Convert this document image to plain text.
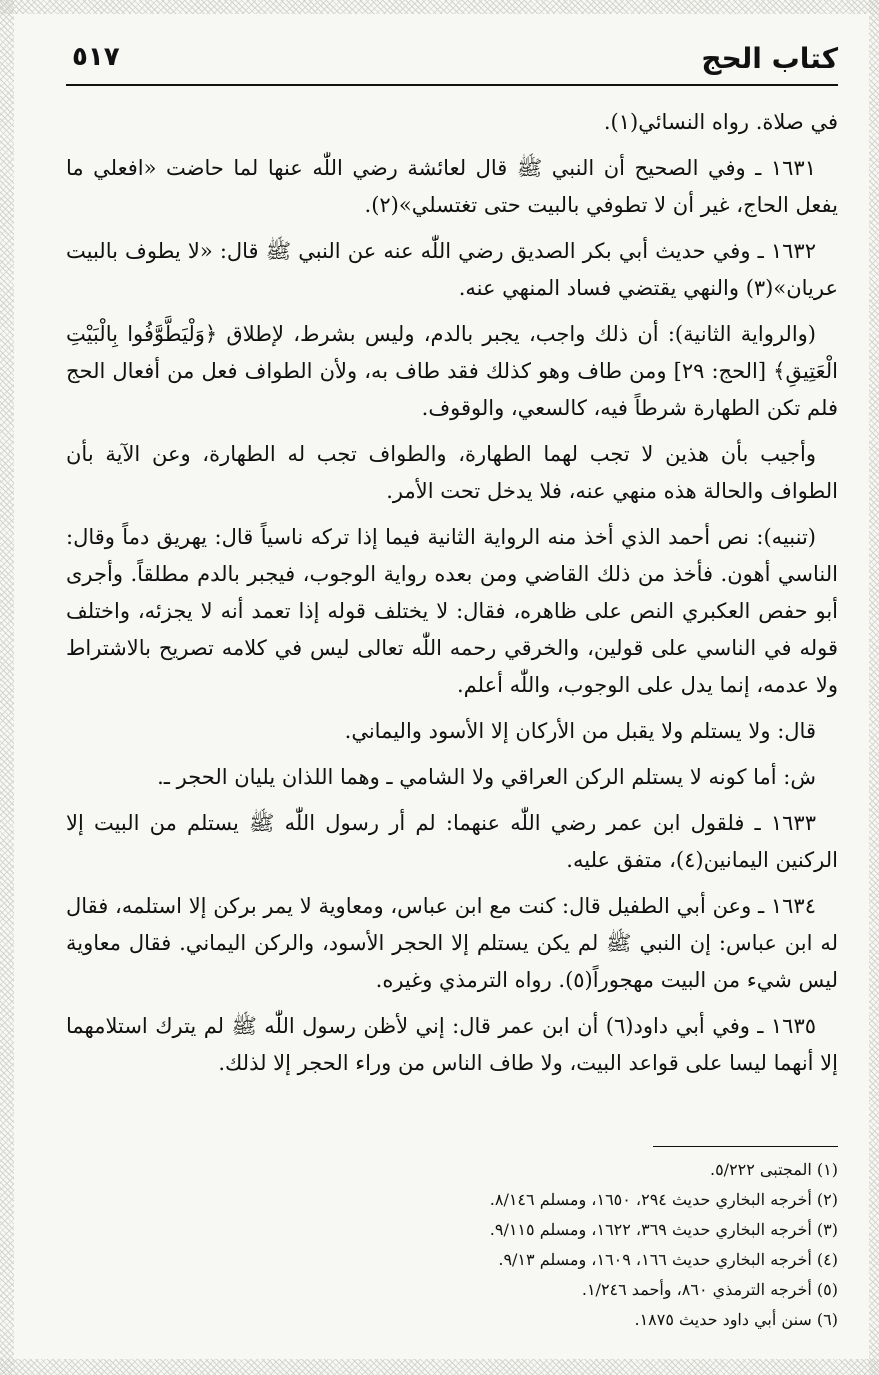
كتاب الحج
٥١٧

في صلاة. رواه النسائي(١).

١٦٣١ ـ وفي الصحيح أن النبي ﷺ قال لعائشة رضي اللّٰه عنها لما حاضت «افعلي ما يفعل الحاج، غير أن لا تطوفي بالبيت حتى تغتسلي»(٢).

١٦٣٢ ـ وفي حديث أبي بكر الصديق رضي اللّٰه عنه عن النبي ﷺ قال: «لا يطوف بالبيت عريان»(٣) والنهي يقتضي فساد المنهي عنه.

(والرواية الثانية): أن ذلك واجب، يجبر بالدم، وليس بشرط، لإطلاق ﴿وَلْيَطَّوَّفُوا بِالْبَيْتِ الْعَتِيقِ﴾ [الحج: ٢٩] ومن طاف وهو كذلك فقد طاف به، ولأن الطواف فعل من أفعال الحج فلم تكن الطهارة شرطاً فيه، كالسعي، والوقوف.

وأجيب بأن هذين لا تجب لهما الطهارة، والطواف تجب له الطهارة، وعن الآية بأن الطواف والحالة هذه منهي عنه، فلا يدخل تحت الأمر.

(تنبيه): نص أحمد الذي أخذ منه الرواية الثانية فيما إذا تركه ناسياً قال: يهريق دماً وقال: الناسي أهون. فأخذ من ذلك القاضي ومن بعده رواية الوجوب، فيجبر بالدم مطلقاً. وأجرى أبو حفص العكبري النص على ظاهره، فقال: لا يختلف قوله إذا تعمد أنه لا يجزئه، واختلف قوله في الناسي على قولين، والخرقي رحمه اللّٰه تعالى ليس في كلامه تصريح بالاشتراط ولا عدمه، إنما يدل على الوجوب، واللّٰه أعلم.

قال: ولا يستلم ولا يقبل من الأركان إلا الأسود واليماني.

ش: أما كونه لا يستلم الركن العراقي ولا الشامي ـ وهما اللذان يليان الحجر ـ.

١٦٣٣ ـ فلقول ابن عمر رضي اللّٰه عنهما: لم أر رسول اللّٰه ﷺ يستلم من البيت إلا الركنين اليمانين(٤)، متفق عليه.

١٦٣٤ ـ وعن أبي الطفيل قال: كنت مع ابن عباس، ومعاوية لا يمر بركن إلا استلمه، فقال له ابن عباس: إن النبي ﷺ لم يكن يستلم إلا الحجر الأسود، والركن اليماني. فقال معاوية ليس شيء من البيت مهجوراً(٥). رواه الترمذي وغيره.

١٦٣٥ ـ وفي أبي داود(٦) أن ابن عمر قال: إني لأظن رسول اللّٰه ﷺ لم يترك استلامهما إلا أنهما ليسا على قواعد البيت، ولا طاف الناس من وراء الحجر إلا لذلك.

(١) المجتبى ٥/٢٢٢.

(٢) أخرجه البخاري حديث ٢٩٤، ١٦٥٠، ومسلم ٨/١٤٦.

(٣) أخرجه البخاري حديث ٣٦٩، ١٦٢٢، ومسلم ٩/١١٥.

(٤) أخرجه البخاري حديث ١٦٦، ١٦٠٩، ومسلم ٩/١٣.

(٥) أخرجه الترمذي ٨٦٠، وأحمد ١/٢٤٦.

(٦) سنن أبي داود حديث ١٨٧٥.
